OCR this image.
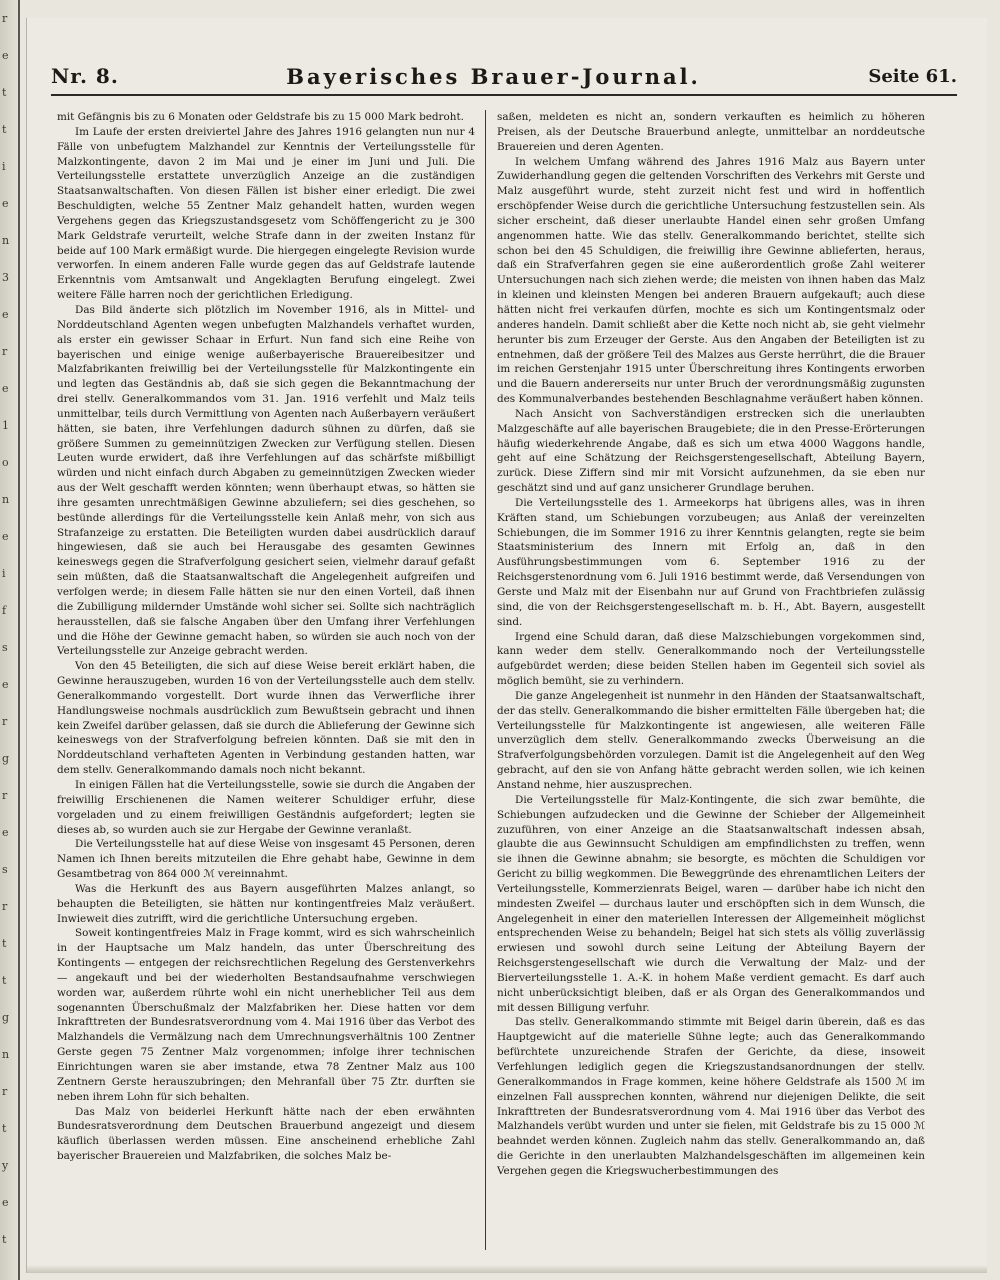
r
e
t
t
i
e
n
3
e
r
e
1
o
n
e
i
f
s
e
r
g
r
e
s
r
t
t
g
n
r
t
y
e
t
Nr. 8.	Bayerisches Brauer-Journal.	Seite 61.

mit Gefängnis bis zu 6 Monaten oder Geldstrafe bis zu 15 000 Mark bedroht.

Im Laufe der ersten dreiviertel Jahre des Jahres 1916 gelangten nun nur 4 Fälle von unbefugtem Malzhandel zur Kenntnis der Verteilungsstelle für Malzkontingente, davon 2 im Mai und je einer im Juni und Juli. Die Verteilungsstelle erstattete unverzüglich Anzeige an die zuständigen Staatsanwaltschaften. Von diesen Fällen ist bisher einer erledigt. Die zwei Beschuldigten, welche 55 Zentner Malz gehandelt hatten, wurden wegen Vergehens gegen das Kriegszustandsgesetz vom Schöffengericht zu je 300 Mark Geldstrafe verurteilt, welche Strafe dann in der zweiten Instanz für beide auf 100 Mark ermäßigt wurde. Die hiergegen eingelegte Revision wurde verworfen. In einem anderen Falle wurde gegen das auf Geldstrafe lautende Erkenntnis vom Amtsanwalt und Angeklagten Berufung eingelegt. Zwei weitere Fälle harren noch der gerichtlichen Erledigung.

Das Bild änderte sich plötzlich im November 1916, als in Mittel- und Norddeutschland Agenten wegen unbefugten Malzhandels verhaftet wurden, als erster ein gewisser Schaar in Erfurt. Nun fand sich eine Reihe von bayerischen und einige wenige außerbayerische Brauereibesitzer und Malzfabrikanten freiwillig bei der Verteilungsstelle für Malzkontingente ein und legten das Geständnis ab, daß sie sich gegen die Bekanntmachung der drei stellv. Generalkommandos vom 31. Jan. 1916 verfehlt und Malz teils unmittelbar, teils durch Vermittlung von Agenten nach Außerbayern veräußert hätten, sie baten, ihre Verfehlungen dadurch sühnen zu dürfen, daß sie größere Summen zu gemeinnützigen Zwecken zur Verfügung stellen. Diesen Leuten wurde erwidert, daß ihre Verfehlungen auf das schärfste mißbilligt würden und nicht einfach durch Abgaben zu gemeinnützigen Zwecken wieder aus der Welt geschafft werden könnten; wenn überhaupt etwas, so hätten sie ihre gesamten unrechtmäßigen Gewinne abzuliefern; sei dies geschehen, so bestünde allerdings für die Verteilungsstelle kein Anlaß mehr, von sich aus Strafanzeige zu erstatten. Die Beteiligten wurden dabei ausdrücklich darauf hingewiesen, daß sie auch bei Herausgabe des gesamten Gewinnes keineswegs gegen die Strafverfolgung gesichert seien, vielmehr darauf gefaßt sein müßten, daß die Staatsanwaltschaft die Angelegenheit aufgreifen und verfolgen werde; in diesem Falle hätten sie nur den einen Vorteil, daß ihnen die Zubilligung mildernder Umstände wohl sicher sei. Sollte sich nachträglich herausstellen, daß sie falsche Angaben über den Umfang ihrer Verfehlungen und die Höhe der Gewinne gemacht haben, so würden sie auch noch von der Verteilungsstelle zur Anzeige gebracht werden.

Von den 45 Beteiligten, die sich auf diese Weise bereit erklärt haben, die Gewinne herauszugeben, wurden 16 von der Verteilungsstelle auch dem stellv. Generalkommando vorgestellt. Dort wurde ihnen das Verwerfliche ihrer Handlungsweise nochmals ausdrücklich zum Bewußtsein gebracht und ihnen kein Zweifel darüber gelassen, daß sie durch die Ablieferung der Gewinne sich keineswegs von der Strafverfolgung befreien könnten. Daß sie mit den in Norddeutschland verhafteten Agenten in Verbindung gestanden hatten, war dem stellv. Generalkommando damals noch nicht bekannt.

In einigen Fällen hat die Verteilungsstelle, sowie sie durch die Angaben der freiwillig Erschienenen die Namen weiterer Schuldiger erfuhr, diese vorgeladen und zu einem freiwilligen Geständnis aufgefordert; legten sie dieses ab, so wurden auch sie zur Hergabe der Gewinne veranlaßt.

Die Verteilungsstelle hat auf diese Weise von insgesamt 45 Personen, deren Namen ich Ihnen bereits mitzuteilen die Ehre gehabt habe, Gewinne in dem Gesamtbetrag von 864 000 ℳ vereinnahmt.

Was die Herkunft des aus Bayern ausgeführten Malzes anlangt, so behaupten die Beteiligten, sie hätten nur kontingentfreies Malz veräußert. Inwieweit dies zutrifft, wird die gerichtliche Untersuchung ergeben.

Soweit kontingentfreies Malz in Frage kommt, wird es sich wahrscheinlich in der Hauptsache um Malz handeln, das unter Überschreitung des Kontingents — entgegen der reichsrechtlichen Regelung des Gerstenverkehrs — angekauft und bei der wiederholten Bestandsaufnahme verschwiegen worden war, außerdem rührte wohl ein nicht unerheblicher Teil aus dem sogenannten Überschußmalz der Malzfabriken her. Diese hatten vor dem Inkrafttreten der Bundesratsverordnung vom 4. Mai 1916 über das Verbot des Malzhandels die Vermälzung nach dem Umrechnungsverhältnis 100 Zentner Gerste gegen 75 Zentner Malz vorgenommen; infolge ihrer technischen Einrichtungen waren sie aber imstande, etwa 78 Zentner Malz aus 100 Zentnern Gerste herauszubringen; den Mehranfall über 75 Ztr. durften sie neben ihrem Lohn für sich behalten.

Das Malz von beiderlei Herkunft hätte nach der eben erwähnten Bundesratsverordnung dem Deutschen Brauerbund angezeigt und diesem käuflich überlassen werden müssen. Eine anscheinend erhebliche Zahl bayerischer Brauereien und Malzfabriken, die solches Malz be-

saßen, meldeten es nicht an, sondern verkauften es heimlich zu höheren Preisen, als der Deutsche Brauerbund anlegte, unmittelbar an norddeutsche Brauereien und deren Agenten.

In welchem Umfang während des Jahres 1916 Malz aus Bayern unter Zuwiderhandlung gegen die geltenden Vorschriften des Verkehrs mit Gerste und Malz ausgeführt wurde, steht zurzeit nicht fest und wird in hoffentlich erschöpfender Weise durch die gerichtliche Untersuchung festzustellen sein. Als sicher erscheint, daß dieser unerlaubte Handel einen sehr großen Umfang angenommen hatte. Wie das stellv. Generalkommando berichtet, stellte sich schon bei den 45 Schuldigen, die freiwillig ihre Gewinne ablieferten, heraus, daß ein Strafverfahren gegen sie eine außerordentlich große Zahl weiterer Untersuchungen nach sich ziehen werde; die meisten von ihnen haben das Malz in kleinen und kleinsten Mengen bei anderen Brauern aufgekauft; auch diese hätten nicht frei verkaufen dürfen, mochte es sich um Kontingentsmalz oder anderes handeln. Damit schließt aber die Kette noch nicht ab, sie geht vielmehr herunter bis zum Erzeuger der Gerste. Aus den Angaben der Beteiligten ist zu entnehmen, daß der größere Teil des Malzes aus Gerste herrührt, die die Brauer im reichen Gerstenjahr 1915 unter Überschreitung ihres Kontingents erworben und die Bauern andererseits nur unter Bruch der verordnungsmäßig zugunsten des Kommunalverbandes bestehenden Beschlagnahme veräußert haben können.

Nach Ansicht von Sachverständigen erstrecken sich die unerlaubten Malzgeschäfte auf alle bayerischen Braugebiete; die in den Presse-Erörterungen häufig wiederkehrende Angabe, daß es sich um etwa 4000 Waggons handle, geht auf eine Schätzung der Reichsgerstengesellschaft, Abteilung Bayern, zurück. Diese Ziffern sind mir mit Vorsicht aufzunehmen, da sie eben nur geschätzt sind und auf ganz unsicherer Grundlage beruhen.

Die Verteilungsstelle des 1. Armeekorps hat übrigens alles, was in ihren Kräften stand, um Schiebungen vorzubeugen; aus Anlaß der vereinzelten Schiebungen, die im Sommer 1916 zu ihrer Kenntnis gelangten, regte sie beim Staatsministerium des Innern mit Erfolg an, daß in den Ausführungsbestimmungen vom 6. September 1916 zu der Reichsgerstenordnung vom 6. Juli 1916 bestimmt werde, daß Versendungen von Gerste und Malz mit der Eisenbahn nur auf Grund von Frachtbriefen zulässig sind, die von der Reichsgerstengesellschaft m. b. H., Abt. Bayern, ausgestellt sind.

Irgend eine Schuld daran, daß diese Malzschiebungen vorgekommen sind, kann weder dem stellv. Generalkommando noch der Verteilungsstelle aufgebürdet werden; diese beiden Stellen haben im Gegenteil sich soviel als möglich bemüht, sie zu verhindern.

Die ganze Angelegenheit ist nunmehr in den Händen der Staatsanwaltschaft, der das stellv. Generalkommando die bisher ermittelten Fälle übergeben hat; die Verteilungsstelle für Malzkontingente ist angewiesen, alle weiteren Fälle unverzüglich dem stellv. Generalkommando zwecks Überweisung an die Strafverfolgungsbehörden vorzulegen. Damit ist die Angelegenheit auf den Weg gebracht, auf den sie von Anfang hätte gebracht werden sollen, wie ich keinen Anstand nehme, hier auszusprechen.

Die Verteilungsstelle für Malz-Kontingente, die sich zwar bemühte, die Schiebungen aufzudecken und die Gewinne der Schieber der Allgemeinheit zuzuführen, von einer Anzeige an die Staatsanwaltschaft indessen absah, glaubte die aus Gewinnsucht Schuldigen am empfindlichsten zu treffen, wenn sie ihnen die Gewinne abnahm; sie besorgte, es möchten die Schuldigen vor Gericht zu billig wegkommen. Die Beweggründe des ehrenamtlichen Leiters der Verteilungsstelle, Kommerzienrats Beigel, waren — darüber habe ich nicht den mindesten Zweifel — durchaus lauter und erschöpften sich in dem Wunsch, die Angelegenheit in einer den materiellen Interessen der Allgemeinheit möglichst entsprechenden Weise zu behandeln; Beigel hat sich stets als völlig zuverlässig erwiesen und sowohl durch seine Leitung der Abteilung Bayern der Reichsgerstengesellschaft wie durch die Verwaltung der Malz- und der Bierverteilungsstelle 1. A.-K. in hohem Maße verdient gemacht. Es darf auch nicht unberücksichtigt bleiben, daß er als Organ des Generalkommandos und mit dessen Billigung verfuhr.

Das stellv. Generalkommando stimmte mit Beigel darin überein, daß es das Hauptgewicht auf die materielle Sühne legte; auch das Generalkommando befürchtete unzureichende Strafen der Gerichte, da diese, insoweit Verfehlungen lediglich gegen die Kriegszustandsanordnungen der stellv. Generalkommandos in Frage kommen, keine höhere Geldstrafe als 1500 ℳ im einzelnen Fall aussprechen konnten, während nur diejenigen Delikte, die seit Inkrafttreten der Bundesratsverordnung vom 4. Mai 1916 über das Verbot des Malzhandels verübt wurden und unter sie fielen, mit Geldstrafe bis zu 15 000 ℳ beahndet werden können. Zugleich nahm das stellv. Generalkommando an, daß die Gerichte in den unerlaubten Malzhandelsgeschäften im allgemeinen kein Vergehen gegen die Kriegswucherbestimmungen des
